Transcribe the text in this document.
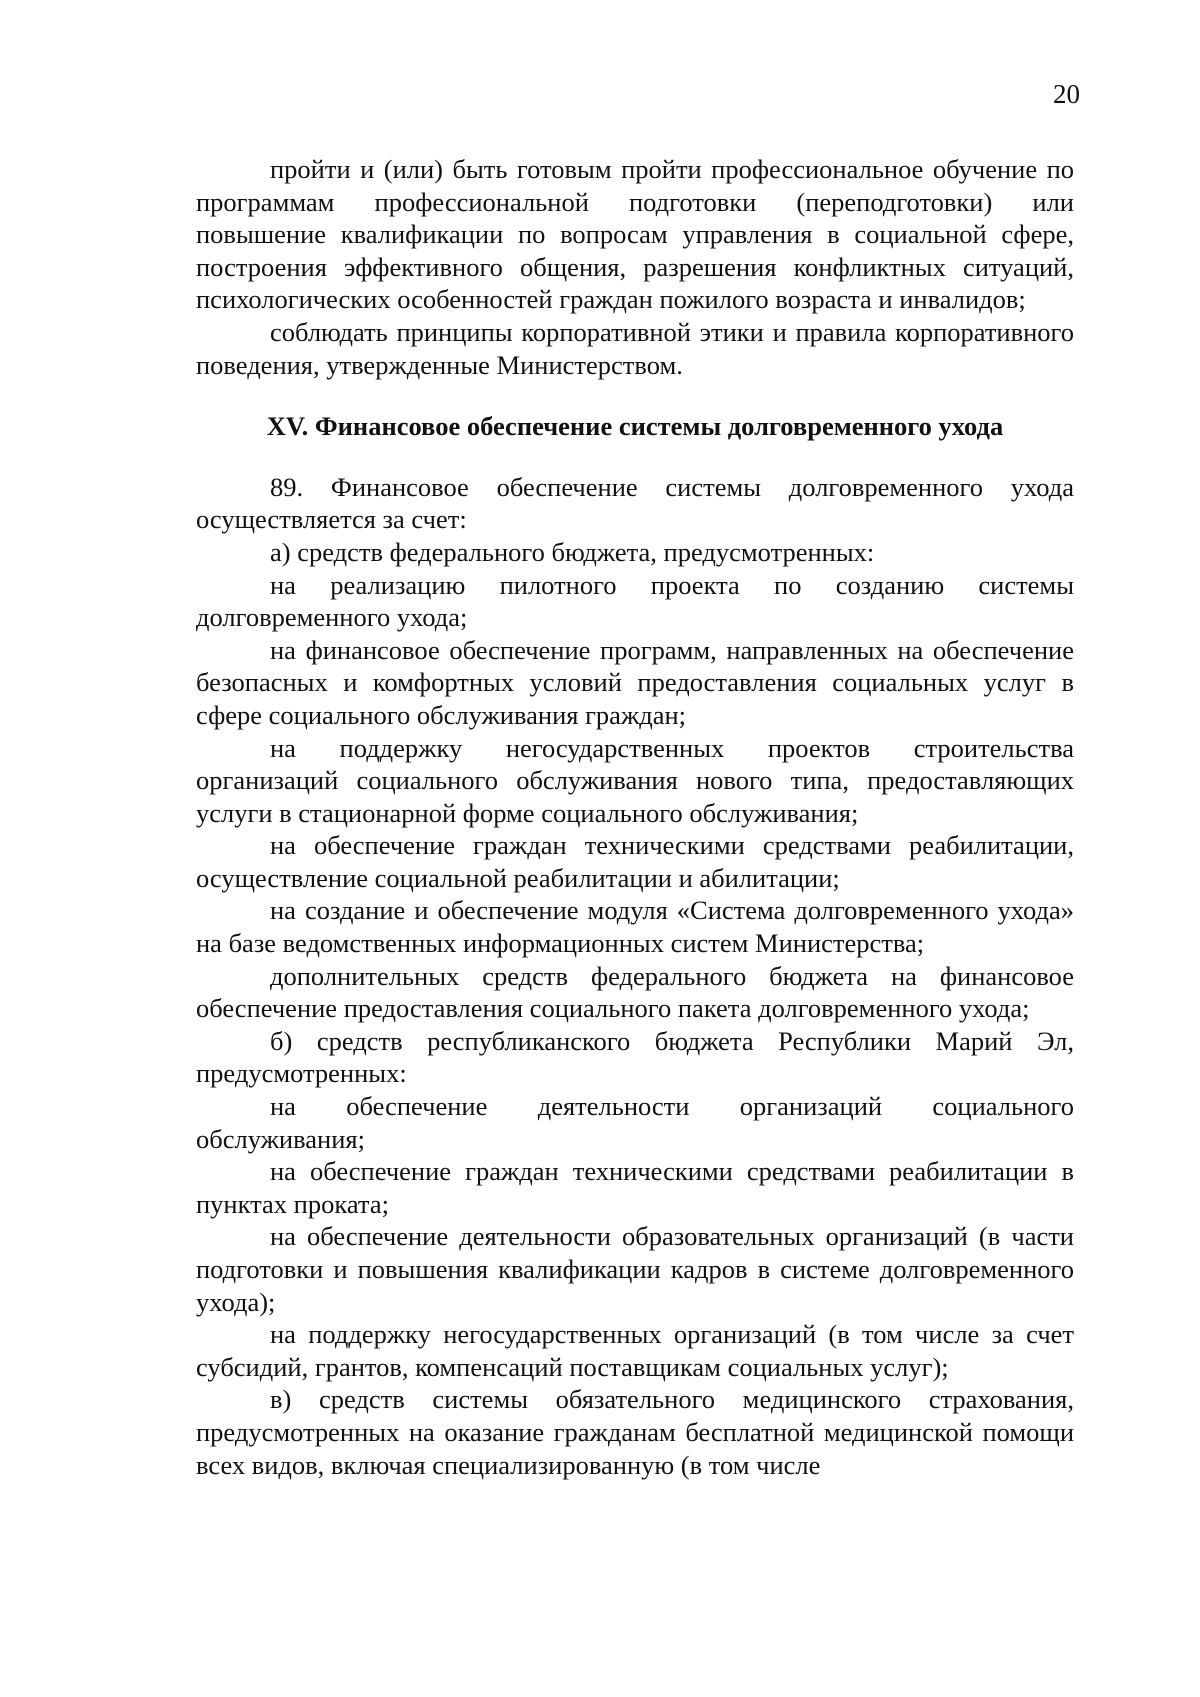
20

пройти и (или) быть готовым пройти профессиональное обучение по программам профессиональной подготовки (переподготовки) или повышение квалификации по вопросам управления в социальной сфере, построения эффективного общения, разрешения конфликтных ситуаций, психологических особенностей граждан пожилого возраста и инвалидов;

соблюдать принципы корпоративной этики и правила корпоративного поведения, утвержденные Министерством.

XV. Финансовое обеспечение системы долговременного ухода

89. Финансовое обеспечение системы долговременного ухода осуществляется за счет:

а) средств федерального бюджета, предусмотренных:

на реализацию пилотного проекта по созданию системы долговременного ухода;

на финансовое обеспечение программ, направленных на обеспечение безопасных и комфортных условий предоставления социальных услуг в сфере социального обслуживания граждан;

на поддержку негосударственных проектов строительства организаций социального обслуживания нового типа, предоставляющих услуги в стационарной форме социального обслуживания;

на обеспечение граждан техническими средствами реабилитации, осуществление социальной реабилитации и абилитации;

на создание и обеспечение модуля «Система долговременного ухода» на базе ведомственных информационных систем Министерства;

дополнительных средств федерального бюджета на финансовое обеспечение предоставления социального пакета долговременного ухода;

б) средств республиканского бюджета Республики Марий Эл, предусмотренных:

на обеспечение деятельности организаций социального обслуживания;

на обеспечение граждан техническими средствами реабилитации в пунктах проката;

на обеспечение деятельности образовательных организаций (в части подготовки и повышения квалификации кадров в системе долговременного ухода);

на поддержку негосударственных организаций (в том числе за счет субсидий, грантов, компенсаций поставщикам социальных услуг);

в) средств системы обязательного медицинского страхования, предусмотренных на оказание гражданам бесплатной медицинской помощи всех видов, включая специализированную (в том числе
